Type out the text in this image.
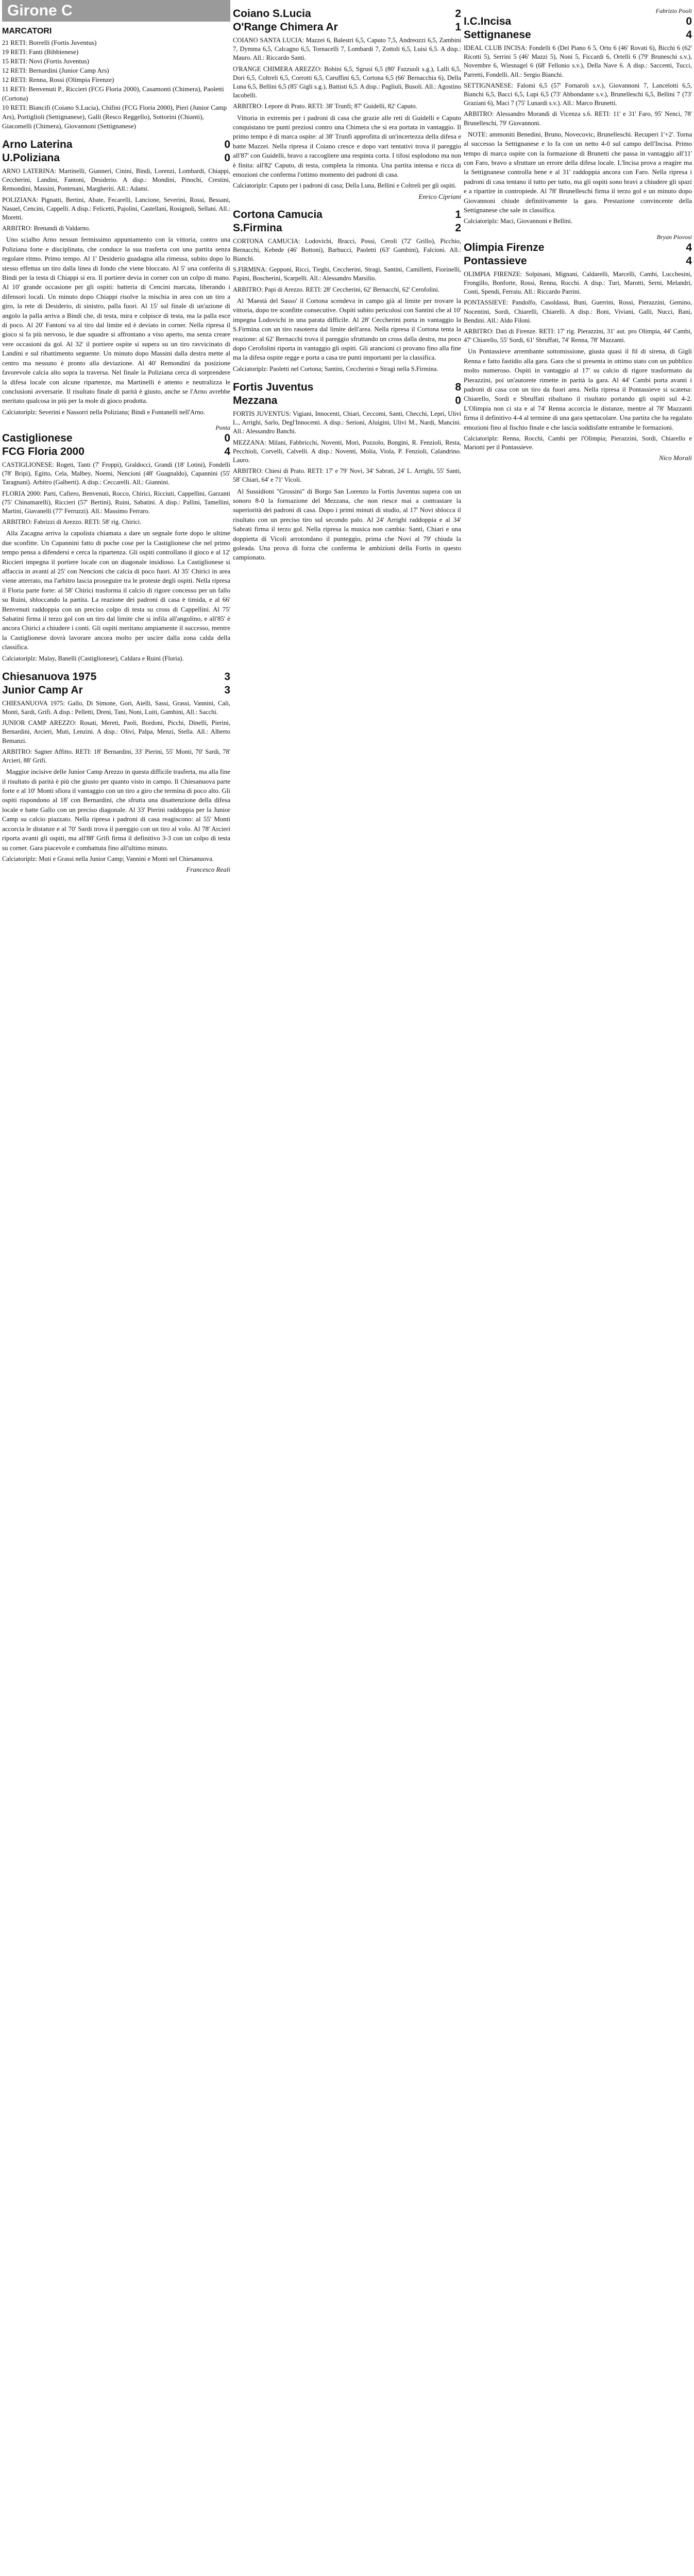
Girone C
MARCATORI
21 RETI: Borrelli (Fortis Juventus)
19 RETI: Fanti (Bibbienese)
15 RETI: Novi (Fortis Juventus)
12 RETI: Bernardini (Junior Camp Ars)
12 RETI: Renna, Rossi (Olimpia Firenze)
11 RETI: Benvenuti P., Riccieri (FCG Floria 2000), Casamonti (Chimera), Paoletti (Cortona)
10 RETI: Biancifi (Coiano S.Lucia), Chifini (FCG Floria 2000), Pieri (Junior Camp Ars), Portiglioli (Settignanese), Galli (Resco Reggello), Sottorini (Chianti), Giacomelli (Chimera), Giovannoni (Settignanese)
Arno Laterina	0
U.Poliziana	0
ARNO LATERINA: Martinelli, Gianneri, Cinini, Bindi, Lorenzi, Lombardi, Chiappi, Ceccherini, Landini, Fantoni, Desiderio. A disp.: Mondini, Pinochi, Crestini, Remondini, Massini, Pontenani, Margheriti. All.: Adami.
POLIZIANA: Pignatti, Bertini, Abate, Fecarelli, Lancione, Severini, Rossi, Bessani, Nasuel, Cencini, Cappelli. A disp.: Felicetti, Pajolini, Castellani, Rosignoli, Sellani. All.: Moretti.
ARBITRO: Brenandi di Valdarno.
Uno scialbo Arno nessun fermissimo appuntamento con la vittoria, contro una Poliziana forte e disciplinata, che conduce la sua trasferta con una partita senza regolare ritmo. Primo tempo. Al 1' Desiderio guadagna alla rimessa, subito dopo lo stesso effettua un tiro dalla linea di fondo che viene bloccato. Al 5' una conferita di Bindi per la testa di Chiappi si era. Il portiere devia in corner con un colpo di mano. Al 10' grande occasione per gli ospiti: batteria di Cencini marcata, liberando i difensori locali. Un minuto dopo Chiappi risolve la mischia in area con un tiro a giro, la rete di Desiderio, di sinistro, palla fuori. Al 15' sul finale di un'azione di angolo la palla arriva a Bindi che, di testa, mira e colpisce di testa, ma la palla esce di poco. Al 20' Fantoni va al tiro dal limite ed è deviato in corner. Nella ripresa il gioco si fa più nervoso, le due squadre si affrontano a viso aperto, ma senza creare vere occasioni da gol. Al 32' il portiere ospite si supera su un tiro ravvicinato di Landini e sul ribattimento seguente. Un minuto dopo Massini dalla destra mette al centro ma nessuno è pronto alla deviazione. Al 40' Remondini da posizione favorevole calcia alto sopra la traversa. Nel finale la Poliziana cerca di sorprendere la difesa locale con alcune ripartenze, ma Martinelli è attento e neutralizza le conclusioni avversarie. Il risultato finale di parità è giusto, anche se l'Arno avrebbe meritato qualcosa in più per la mole di gioco prodotta.
Calciatoriplz: Severini e Nassorri nella Poliziana; Bindi e Fontanelli nell'Arno.
Ponta
Castiglionese	0
FCG Floria 2000	4
CASTIGLIONESE: Rogeti, Tanti (7' Froppi), Graldocci, Grandi (18' Lotini), Fondelli (78' Bripi), Egitto, Cela, Malbey, Noemi, Nencioni (48' Guagnaldo), Capannini (55' Taragnani). Arbitro (Galberti). A disp.: Ceccarelli. All.: Giannini.
FLORIA 2000: Parti, Cafiero, Benvenuti, Rocco, Chirici, Ricciuti, Cappellini, Garzanti (75' Chinamarelli), Riccieri (57' Bertini), Ruini, Sabatini. A disp.: Pallini, Tamellini, Martini, Giavanelli (77' Ferruzzi). All.: Massimo Ferraro.
ARBITRO: Fabrizzi di Arezzo. RETI: 58' rig. Chirici.
Alla Zacagna arriva la capolista chiamata a dare un segnale forte dopo le ultime due sconfitte. Un Capannini fatto di poche cose per la Castiglionese che nel primo tempo pensa a difendersi e cerca la ripartenza. Gli ospiti controllano il gioco e al 12' Riccieri impegna il portiere locale con un diagonale insidioso. La Castiglionese si affaccia in avanti al 25' con Nencioni che calcia di poco fuori. Al 35' Chirici in area viene atterrato, ma l'arbitro lascia proseguire tra le proteste degli ospiti. Nella ripresa il Floria parte forte: al 58' Chirici trasforma il calcio di rigore concesso per un fallo su Ruini, sbloccando la partita. La reazione dei padroni di casa è timida, e al 66' Benvenuti raddoppia con un preciso colpo di testa su cross di Cappellini. Al 75' Sabatini firma il terzo gol con un tiro dal limite che si infila all'angolino, e all'85' è ancora Chirici a chiudere i conti. Gli ospiti meritano ampiamente il successo, mentre la Castiglionese dovrà lavorare ancora molto per uscire dalla zona calda della classifica.
Calciatoriplz: Malay, Banelli (Castiglionese), Caldara e Ruini (Floria).
Chiesanuova 1975	3
Junior Camp Ar	3
CHIESANUOVA 1975: Gallo, Di Simone, Gori, Aielli, Sassi, Grassi, Vannini, Cali, Monti, Sardi, Grifi. A disp.: Pelletti, Dreni, Tani, Noni, Luiti, Gambini, All.: Sacchi.
JUNIOR CAMP AREZZO: Rosati, Mereti, Paoli, Bordoni, Picchi, Dinelli, Pierini, Bernardini, Arcieri, Muti, Lenzini. A disp.: Olivi, Palpa, Menzi, Stella. All.: Alberto Bemanzi.
ARBITRO: Sagner Affitto. RETI: 18' Bernardini, 33' Pierini, 55' Monti, 70' Sardi, 78' Arcieri, 88' Grifi.
Maggior incisive delle Junior Camp Arezzo in questa difficile trasferta, ma alla fine il risultato di parità è più che giusto per quanto visto in campo. Il Chiesanuova parte forte e al 10' Monti sfiora il vantaggio con un tiro a giro che termina di poco alto. Gli ospiti rispondono al 18' con Bernardini, che sfrutta una disattenzione della difesa locale e batte Gallo con un preciso diagonale. Al 33' Pierini raddoppia per la Junior Camp su calcio piazzato. Nella ripresa i padroni di casa reagiscono: al 55' Monti accorcia le distanze e al 70' Sardi trova il pareggio con un tiro al volo. Al 78' Arcieri riporta avanti gli ospiti, ma all'88' Grifi firma il definitivo 3-3 con un colpo di testa su corner. Gara piacevole e combattuta fino all'ultimo minuto.
Calciatoriplz: Muti e Grassi nella Junior Camp; Vannini e Monti nel Chiesanuova.
Francesco Reali
Coiano S.Lucia	2
O'Range Chimera Ar	1
COIANO SANTA LUCIA: Mazzei 6, Balestri 6,5, Caputo 7,5, Andreozzi 6,5, Zambini 7, Dymma 6,5, Calcagno 6,5, Tornacelli 7, Lombardi 7, Zottoli 6,5, Luisi 6,5. A disp.: Mauro. All.: Riccardo Santi.
O'RANGE CHIMERA AREZZO: Bobini 6,5, Sgrusi 6,5 (80' Fazzuoli s.g.), Lalli 6,5, Dori 6,5, Coltreli 6,5, Corrotti 6,5, Caruffini 6,5, Cortona 6,5 (66' Bernacchia 6), Della Luna 6,5, Bellini 6,5 (85' Gigli s.g.), Battisti 6,5. A disp.: Pagliuli, Busoli. All.: Agostino Iacobelli.
ARBITRO: Lepore di Prato. RETI: 38' Trunfi; 87' Guidelli, 82' Caputo.
Vittoria in extremis per i padroni di casa che grazie alle reti di Guidelli e Caputo conquistano tre punti preziosi contro una Chimera che si era portata in vantaggio. Il primo tempo è di marca ospite: al 38' Trunfi approfitta di un'incertezza della difesa e batte Mazzei. Nella ripresa il Coiano cresce e dopo vari tentativi trova il pareggio all'87' con Guidelli, bravo a raccogliere una respinta corta. I tifosi esplodono ma non è finita: all'82' Caputo, di testa, completa la rimonta. Una partita intensa e ricca di emozioni che conferma l'ottimo momento dei padroni di casa.
Calciatoriplz: Caputo per i padroni di casa; Della Luna, Bellini e Coltreli per gli ospiti.
Enrico Cipriani
Cortona Camucia	1
S.Firmina	2
CORTONA CAMUCIA: Lodovichi, Bracci, Possi, Ceroli (72' Grillo), Picchio, Bernacchi, Kebede (46' Bottoni), Barbucci, Paoletti (63' Gambini), Falcioni. All.: Bianchi.
S.FIRMINA: Gepponi, Ricci, Tieghi, Ceccherini, Stragi, Santini, Camilletti, Fiorinelli, Papini, Boscherini, Scarpelli. All.: Alessandro Marsilio.
ARBITRO: Papi di Arezzo. RETI: 28' Ceccherini, 62' Bernacchi, 62' Cerofolini.
Al 'Maestà del Sasso' il Cortona scendeva in campo già al limite per trovare la vittoria, dopo tre sconfitte consecutive. Ospiti subito pericolosi con Santini che al 10' impegna Lodovichi in una parata difficile. Al 28' Ceccherini porta in vantaggio la S.Firmina con un tiro rasoterra dal limite dell'area. Nella ripresa il Cortona tenta la reazione: al 62' Bernacchi trova il pareggio sfruttando un cross dalla destra, ma poco dopo Cerofolini riporta in vantaggio gli ospiti. Gli arancioni ci provano fino alla fine ma la difesa ospite regge e porta a casa tre punti importanti per la classifica.
Calciatoriplz: Paoletti nel Cortona; Santini, Ceccherini e Stragi nella S.Firmina.
Fortis Juventus	8
Mezzana	0
FORTIS JUVENTUS: Vigiani, Innocenti, Chiari, Ceccomi, Santi, Checchi, Lepri, Ulivi L., Arrighi, Sarlo, Degl'Innocenti. A disp.: Serioni, Aluigini, Ulivi M., Nardi, Mancini. All.: Alessandro Banchi.
MEZZANA: Milani, Fabbricchi, Noventi, Mori, Pozzolo, Bongini, R. Fenzioli, Resta, Pecchioli, Corvelli, Calvelli. A disp.: Noventi, Molia, Viola, P. Fenzioli, Calandrino. Lauro.
ARBITRO: Chiesi di Prato. RETI: 17' e 79' Novi, 34' Sabrati, 24' L. Arrighi, 55' Santi, 58' Chiari, 64' e 71' Vicoli.
Al Sussidioni "Grossini" di Borgo San Lorenzo la Fortis Juventus supera con un sonoro 8-0 la formazione del Mezzana, che non riesce mai a contrastare la superiorità dei padroni di casa. Dopo i primi minuti di studio, al 17' Novi sblocca il risultato con un preciso tiro sul secondo palo. Al 24' Arrighi raddoppia e al 34' Sabrati firma il terzo gol. Nella ripresa la musica non cambia: Santi, Chiari e una doppietta di Vicoli arrotondano il punteggio, prima che Novi al 79' chiuda la goleada. Una prova di forza che conferma le ambizioni della Fortis in questo campionato.
Fabrizio Pooli
I.C.Incisa	0
Settignanese	4
IDEAL CLUB INCISA: Fondelli 6 (Del Piano 6 5, Ortu 6 (46' Rovati 6), Bicchi 6 (62' Ricotti 5), Serrini 5 (46' Mazzi 5), Noni 5, Ficcardi 6, Ortelli 6 (79' Bruneschi s.v.), Novembre 6, Wiesnagel 6 (68' Fellonio s.v.), Della Nave 6. A disp.: Saccenti, Tucci, Parretti, Fondelli. All.: Sergio Bianchi.
SETTIGNANESE: Falomi 6,5 (57' Fornaroli s.v.), Giovannoni 7, Lancelotti 6,5, Bianchi 6,5, Bacci 6,5, Lupi 6,5 (73' Abbondante s.v.), Brunelleschi 6,5, Bellini 7 (73' Graziani 6), Maci 7 (75' Lunardi s.v.). All.: Marco Brunetti.
ARBITRO: Alessandro Morandi di Vicenza s.6. RETI: 11' e 31' Faro, 95' Nenci, 78' Brunelleschi, 79' Giovannoni.
NOTE: ammoniti Benedini, Bruno, Novecovic, Brunelleschi. Recuperi 1'+2'. Torna al successo la Settignanese e lo fa con un netto 4-0 sul campo dell'Incisa. Primo tempo di marca ospite con la formazione di Brunetti che passa in vantaggio all'11' con Faro, bravo a sfruttare un errore della difesa locale. L'Incisa prova a reagire ma la Settignanese controlla bene e al 31' raddoppia ancora con Faro. Nella ripresa i padroni di casa tentano il tutto per tutto, ma gli ospiti sono bravi a chiudere gli spazi e a ripartire in contropiede. Al 78' Brunelleschi firma il terzo gol e un minuto dopo Giovannoni chiude definitivamente la gara. Prestazione convincente della Settignanese che sale in classifica.
Calciatoriplz: Maci, Giovannoni e Bellini.
Bryan Piovosi
Olimpia Firenze	4
Pontassieve	4
OLIMPIA FIRENZE: Solpinani, Mignani, Caldarelli, Marcelli, Cambi, Lucchesini, Frongillo, Bonforte, Rossi, Renna, Rocchi. A disp.: Turi, Marotti, Serni, Melandri, Conti, Spendi, Ferraiu. All.: Riccardo Parrini.
PONTASSIEVE: Pandolfo, Casoldassi, Buni, Guerrini, Rossi, Pierazzini, Gemino, Nocentini, Sordi, Chiarelli, Chiarelli. A disp.: Boni, Viviani, Galli, Nucci, Bani, Bendini. All.: Aldo Filoni.
ARBITRO: Dati di Firenze. RETI: 17' rig. Pierazzini, 31' aut. pro Olimpia, 44' Cambi, 47' Chiarello, 55' Sordi, 61' Sbruffati, 74' Renna, 78' Mazzanti.
Un Pontassieve arrembante sottomissione, giusta quasi il fil di sirena, di Gigli Renna e fatto fastidio alla gara. Gara che si presenta in ottimo stato con un pubblico molto numeroso. Ospiti in vantaggio al 17' su calcio di rigore trasformato da Pierazzini, poi un'autorete rimette in parità la gara. Al 44' Cambi porta avanti i padroni di casa con un tiro da fuori area. Nella ripresa il Pontassieve si scatena: Chiarello, Sordi e Sbruffati ribaltano il risultato portando gli ospiti sul 4-2. L'Olimpia non ci sta e al 74' Renna accorcia le distanze, mentre al 78' Mazzanti firma il definitivo 4-4 al termine di una gara spettacolare. Una partita che ha regalato emozioni fino al fischio finale e che lascia soddisfatte entrambe le formazioni.
Calciatoriplz: Renna, Rocchi, Cambi per l'Olimpia; Pierazzini, Sordi, Chiarello e Mariotti per il Pontassieve.
Nico Morali
